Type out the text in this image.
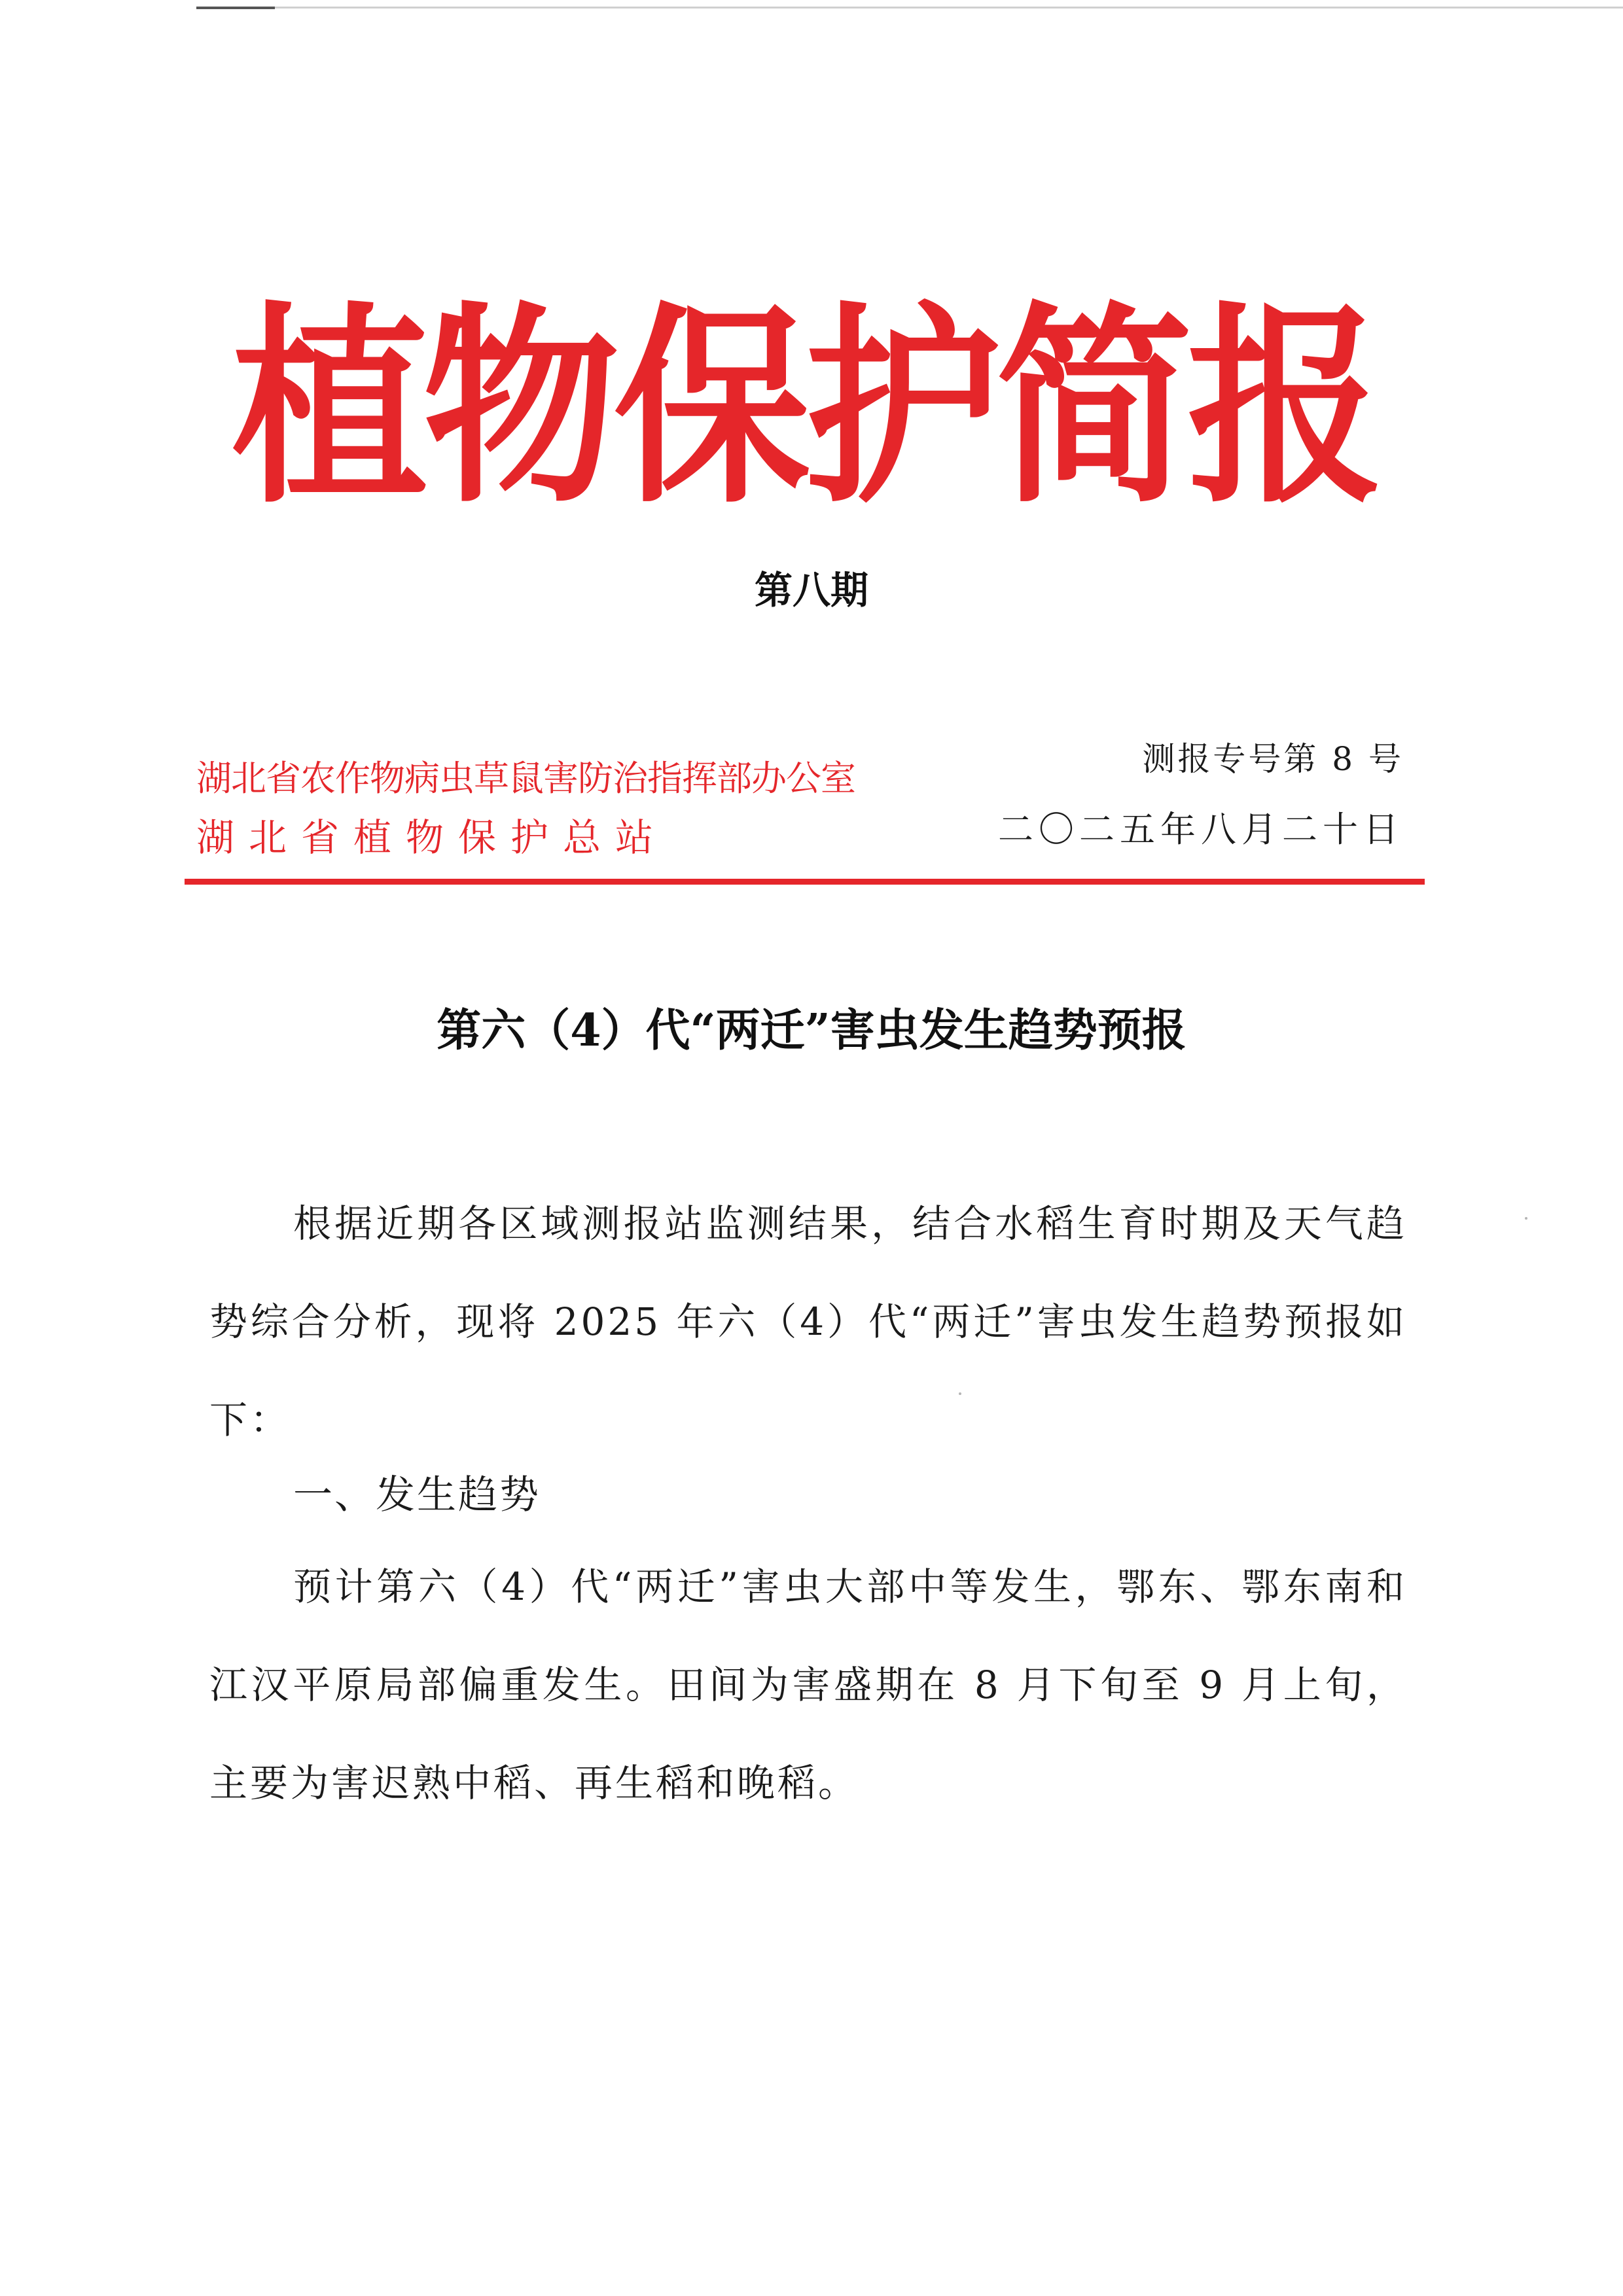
植物保护简报
第八期
湖北省农作物病虫草鼠害防治指挥部办公室
湖北省植物保护总站
测报专号第 8 号
二〇二五年八月二十日
第六（4）代“两迁”害虫发生趋势预报
根据近期各区域测报站监测结果，结合水稻生育时期及天气趋势综合分析，现将 2025 年六（4）代“两迁”害虫发生趋势预报如下：
一、发生趋势
预计第六（4）代“两迁”害虫大部中等发生，鄂东、鄂东南和江汉平原局部偏重发生。田间为害盛期在 8 月下旬至 9 月上旬，主要为害迟熟中稻、再生稻和晚稻。
